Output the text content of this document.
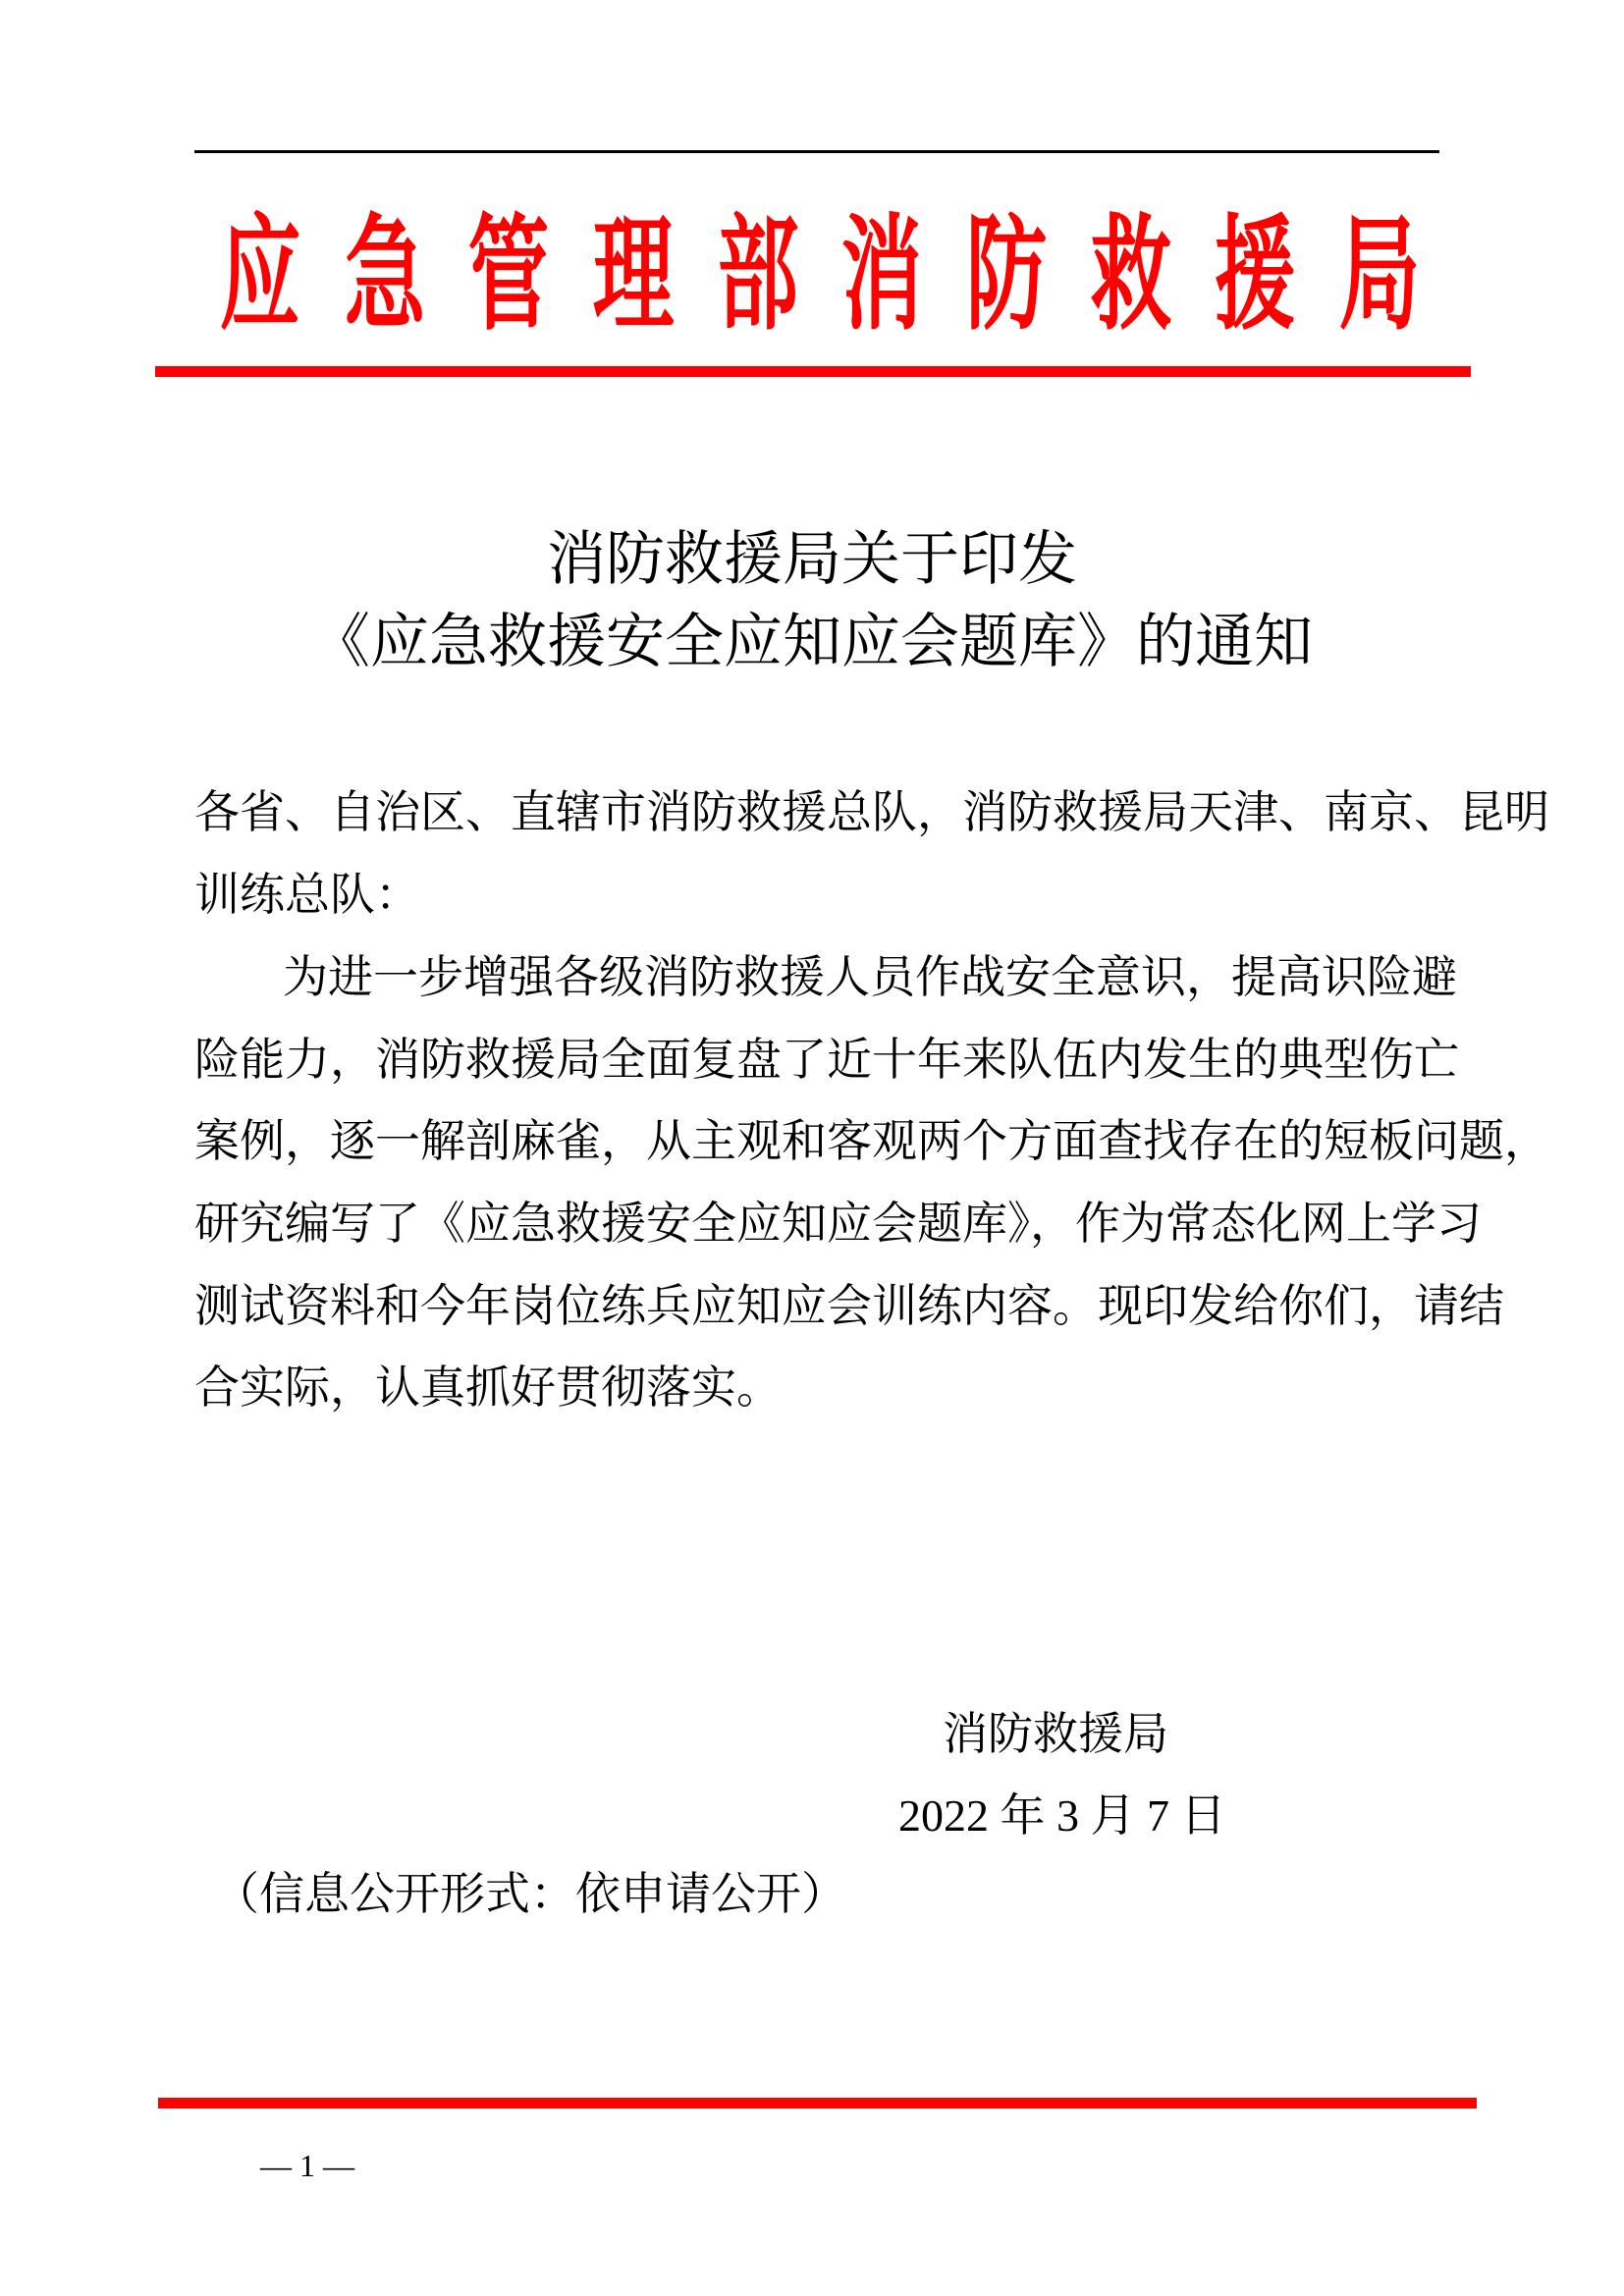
应 急 管 理 部 消 防 救 援 局
消防救援局关于印发
《应急救援安全应知应会题库》的通知
各省、自治区、直辖市消防救援总队，消防救援局天津、南京、昆明
训练总队：
为进一步增强各级消防救援人员作战安全意识，提高识险避
险能力，消防救援局全面复盘了近十年来队伍内发生的典型伤亡
案例，逐一解剖麻雀，从主观和客观两个方面查找存在的短板问题，
研究编写了《应急救援安全应知应会题库》，作为常态化网上学习
测试资料和今年岗位练兵应知应会训练内容。现印发给你们，请结
合实际，认真抓好贯彻落实。
消防救援局
2022 年 3 月 7 日
（信息公开形式：依申请公开）
— 1 —
